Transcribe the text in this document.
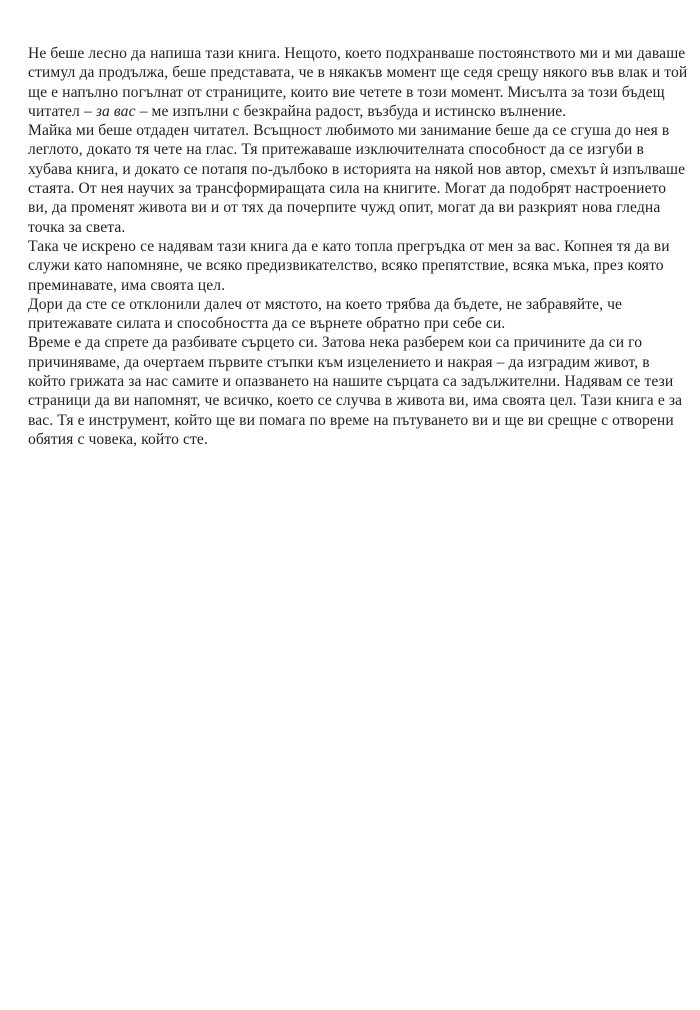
Не беше лесно да напиша тази книга. Нещото, което подхранваше постоянството ми и ми даваше стимул да продължа, беше представата, че в някакъв момент ще седя срещу някого във влак и той ще е напълно погълнат от страниците, които вие четете в този момент. Мисълта за този бъдещ читател – за вас – ме изпълни с безкрайна радост, възбуда и истинско вълнение.

Майка ми беше отдаден читател. Всъщност любимото ми занимание беше да се сгуша до нея в леглото, докато тя чете на глас. Тя притежаваше изключителната способност да се изгуби в хубава книга, и докато се потапя по-дълбоко в историята на някой нов автор, смехът ѝ изпълваше стаята. От нея научих за трансформиращата сила на книгите. Могат да подобрят настроението ви, да променят живота ви и от тях да почерпите чужд опит, могат да ви разкрият нова гледна точка за света.

Така че искрено се надявам тази книга да е като топла прегръдка от мен за вас. Копнея тя да ви служи като напомняне, че всяко предизвикателство, всяко препятствие, всяка мъка, през която преминавате, има своята цел.

Дори да сте се отклонили далеч от мястото, на което трябва да бъдете, не забравяйте, че притежавате силата и способността да се върнете обратно при себе си.

Време е да спрете да разбивате сърцето си. Затова нека разберем кои са причините да си го причиняваме, да очертаем първите стъпки към изцелението и накрая – да изградим живот, в който грижата за нас самите и опазването на нашите сърцата са задължителни. Надявам се тези страници да ви напомнят, че всичко, което се случва в живота ви, има своята цел. Тази книга е за вас. Тя е инструмент, който ще ви помага по време на пътуването ви и ще ви срещне с отворени обятия с човека, който сте.
